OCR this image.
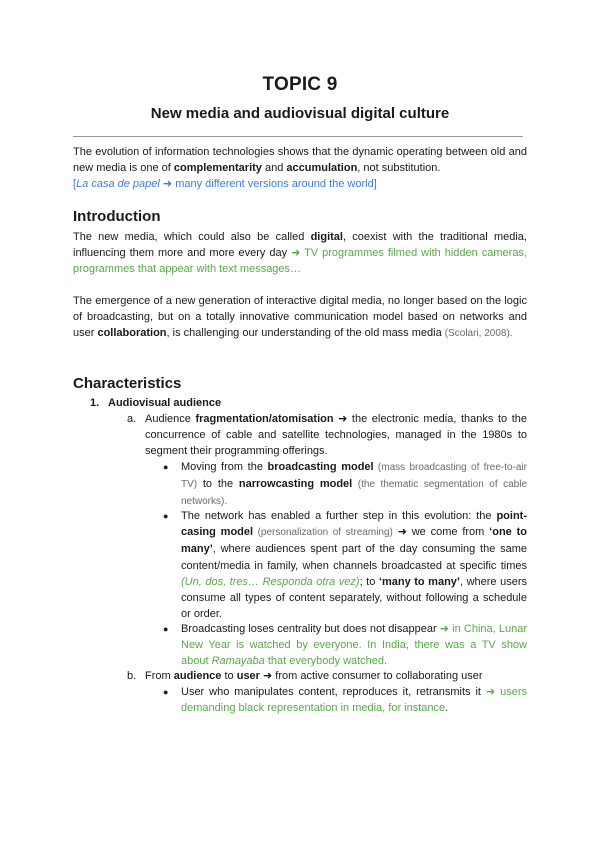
TOPIC 9
New media and audiovisual digital culture
The evolution of information technologies shows that the dynamic operating between old and new media is one of complementarity and accumulation, not substitution.
[La casa de papel ➜ many different versions around the world]
Introduction
The new media, which could also be called digital, coexist with the traditional media, influencing them more and more every day ➜ TV programmes filmed with hidden cameras, programmes that appear with text messages…
The emergence of a new generation of interactive digital media, no longer based on the logic of broadcasting, but on a totally innovative communication model based on networks and user collaboration, is challenging our understanding of the old mass media (Scolari, 2008).
Characteristics
1. Audiovisual audience
a. Audience fragmentation/atomisation ➜ the electronic media, thanks to the concurrence of cable and satellite technologies, managed in the 1980s to segment their programming offerings.
● Moving from the broadcasting model (mass broadcasting of free-to-air TV) to the narrowcasting model (the thematic segmentation of cable networks).
● The network has enabled a further step in this evolution: the point-casing model (personalization of streaming) ➜ we come from ‘one to many’, where audiences spent part of the day consuming the same content/media in family, when channels broadcasted at specific times (Un, dos, tres… Responda otra vez); to ‘many to many’, where users consume all types of content separately, without following a schedule or order.
● Broadcasting loses centrality but does not disappear ➜ in China, Lunar New Year is watched by everyone. In India, there was a TV show about Ramayaba that everybody watched.
b. From audience to user ➜ from active consumer to collaborating user
● User who manipulates content, reproduces it, retransmits it ➜ users demanding black representation in media, for instance.
